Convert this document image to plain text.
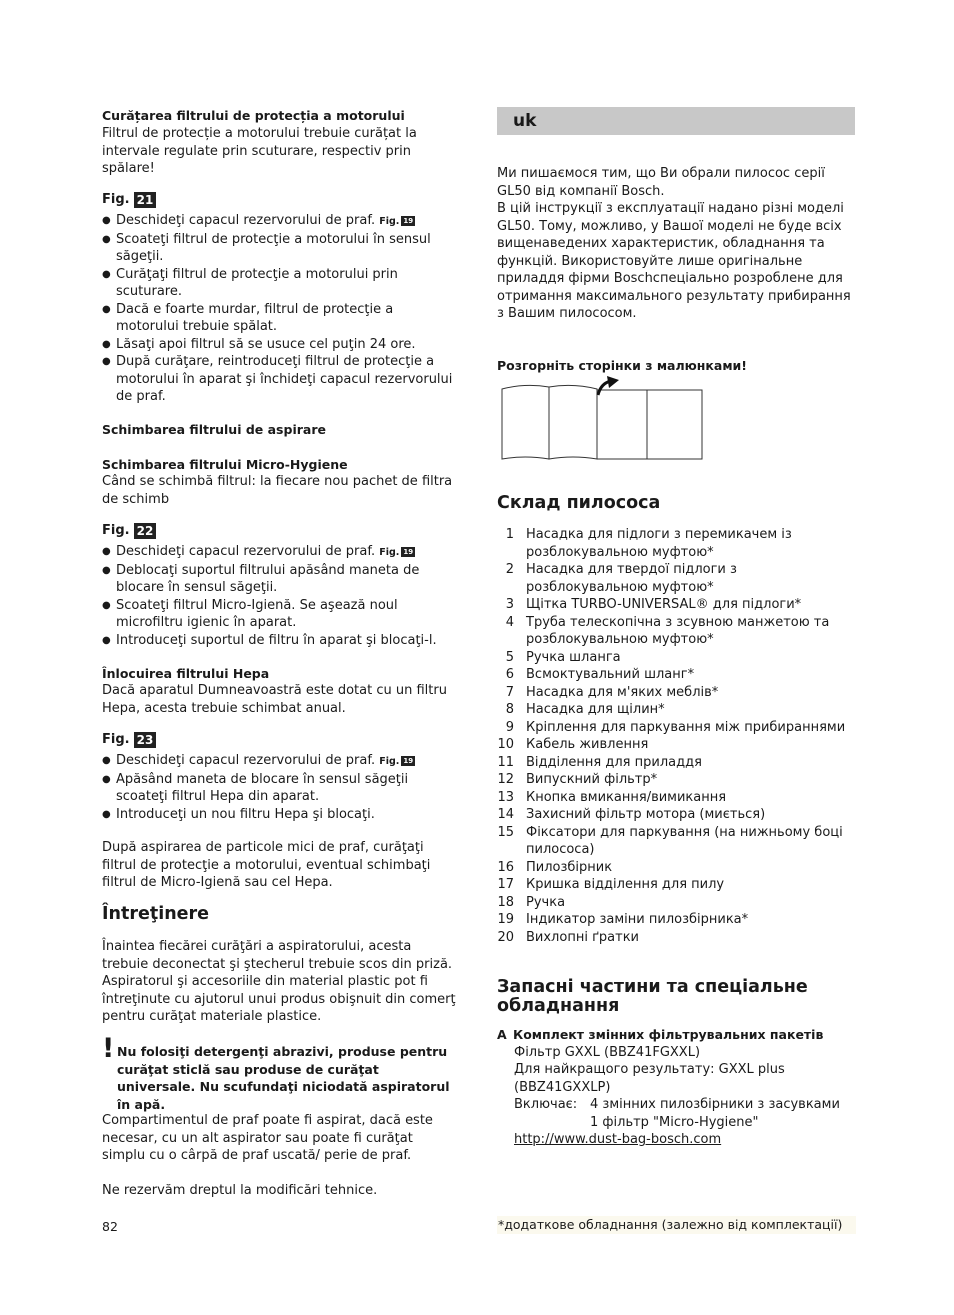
Curățarea filtrului de protecția a motorului

Filtrul de protecție a motorului trebuie curățat la intervale regulate prin scuturare, respectiv prin spălare!

Fig. 21
● Deschideţi capacul rezervorului de praf. Fig. 19
● Scoateţi filtrul de protecţie a motorului în sensul săgeţii.
● Curăţaţi filtrul de protecţie a motorului prin scuturare.
● Dacă e foarte murdar, filtrul de protecţie a motorului trebuie spălat.
● Lăsaţi apoi filtrul să se usuce cel puţin 24 ore.
● După curăţare, reintroduceţi filtrul de protecţie a motorului în aparat şi închideţi capacul rezervorului de praf.

Schimbarea filtrului de aspirare

Schimbarea filtrului Micro-Hygiene

Când se schimbă filtrul: la fiecare nou pachet de filtra de schimb

Fig. 22
● Deschideţi capacul rezervorului de praf. Fig. 19
● Deblocaţi suportul filtrului apăsând maneta de blocare în sensul săgeţii.
● Scoateţi filtrul Micro-Igienă. Se aşează noul microfiltru igienic în aparat.
● Introduceţi suportul de filtru în aparat şi blocaţi-l.

Înlocuirea filtrului Hepa

Dacă aparatul Dumneavoastră este dotat cu un filtru Hepa, acesta trebuie schimbat anual.

Fig. 23
● Deschideţi capacul rezervorului de praf. Fig. 19
● Apăsând maneta de blocare în sensul săgeţii scoateţi filtrul Hepa din aparat.
● Introduceţi un nou filtru Hepa şi blocaţi.

După aspirarea de particole mici de praf, curăţaţi filtrul de protecţie a motorului, eventual schimbaţi filtrul de Micro-Igienă sau cel Hepa.

Întreţinere

Înaintea fiecărei curăţări a aspiratorului, acesta trebuie deconectat şi ştecherul trebuie scos din priză. Aspiratorul şi accesoriile din material plastic pot fi întreţinute cu ajutorul unui produs obişnuit din comerţ pentru curăţat materiale plastice.

! Nu folosiţi detergenţi abrazivi, produse pentru curăţat sticlă sau produse de curăţat universale. Nu scufundaţi niciodată aspiratorul în apă.

Compartimentul de praf poate fi aspirat, dacă este necesar, cu un alt aspirator sau poate fi curăţat simplu cu o cârpă de praf uscată/ perie de praf.

Ne rezervăm dreptul la modificări tehnice.

uk

Ми пишаємося тим, що Ви обрали пилосос серії GL50 від компанії Bosch.
В цій інструкції з експлуатації надано різні моделі GL50. Тому, можливо, у Вашої моделі не буде всіх вищенаведених характеристик, обладнання та функцій. Використовуйте лише оригінальне приладдя фірми Boschспеціально розроблене для отримання максимального результату прибирання з Вашим пилососом.

Розгорніть сторінки з малюнками!

Склад пилососа
1 Насадка для підлоги з перемикачем із розблокувальною муфтою*
2 Насадка для твердої підлоги з розблокувальною муфтою*
3 Щітка TURBO-UNIVERSAL® для підлоги*
4 Труба телескопічна з зсувною манжетою та розблокувальною муфтою*
5 Ручка шланга
6 Всмоктувальний шланг*
7 Насадка для м'яких меблів*
8 Насадка для щілин*
9 Кріплення для паркування між прибираннями
10 Кабель живлення
11 Відділення для приладдя
12 Випускний фільтр*
13 Кнопка вмикання/вимикання
14 Захисний фільтр мотора (миється)
15 Фіксатори для паркування (на нижньому боці пилососа)
16 Пилозбірник
17 Кришка відділення для пилу
18 Ручка
19 Індикатор заміни пилозбірника*
20 Вихлопні ґратки
Запасні частини та спеціальне обладнання
A Комплект змінних фільтрувальних пакетів

Фільтр GXXL (BBZ41FGXXL)

Для найкращого результату: GXXL plus (BBZ41GXXLP)

Включає: 4 змінних пилозбірники з засувками
1 фільтр "Micro-Hygiene"
http://www.dust-bag-bosch.com
82	*додаткове обладнання (залежно від комплектації)
